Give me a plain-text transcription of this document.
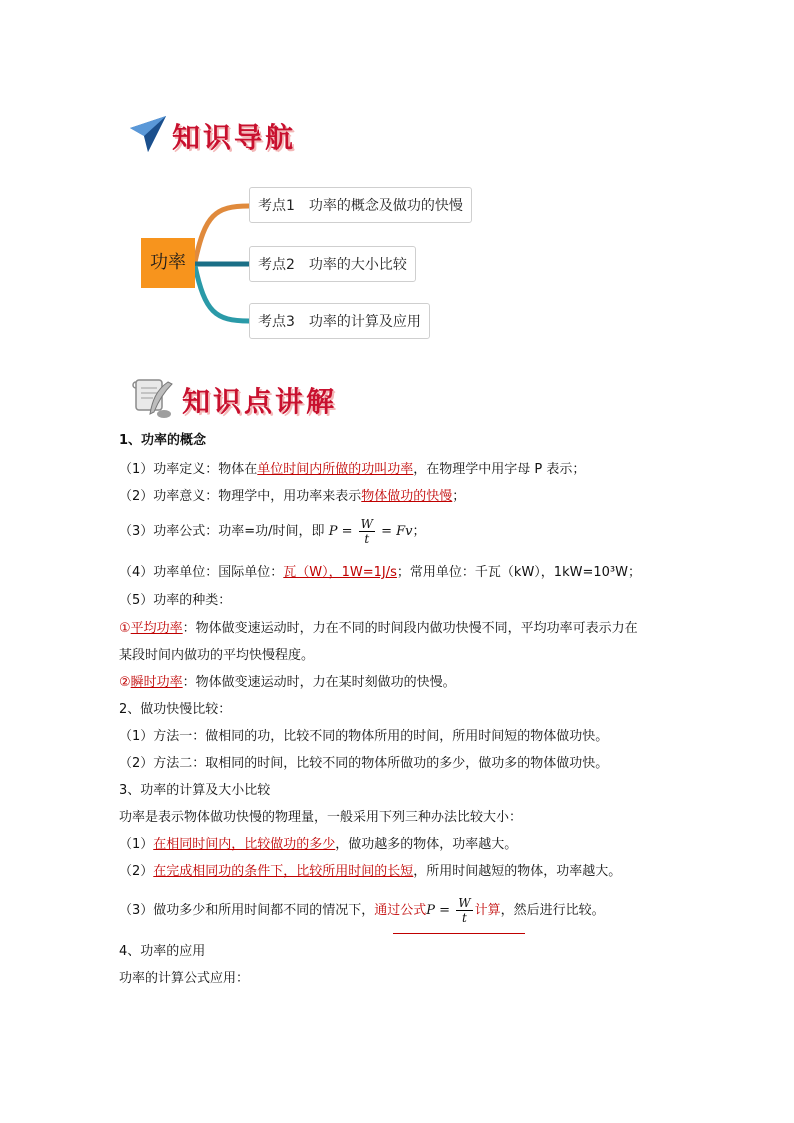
知识导航
功率
考点1 功率的概念及做功的快慢
考点2 功率的大小比较
考点3 功率的计算及应用
知识点讲解
1、功率的概念
（1）功率定义：物体在单位时间内所做的功叫功率，在物理学中用字母 P 表示；
（2）功率意义：物理学中，用功率来表示物体做功的快慢；
（3）功率公式：功率=功/时间，即 $P = \frac{W}{t} = Fv$；
（4）功率单位：国际单位：瓦（W），1W=1J/s；常用单位：千瓦（kW），1kW=10³W；
（5）功率的种类：
①平均功率：物体做变速运动时，力在不同的时间段内做功快慢不同，平均功率可表示力在
某段时间内做功的平均快慢程度。
②瞬时功率：物体做变速运动时，力在某时刻做功的快慢。
2、做功快慢比较：
（1）方法一：做相同的功，比较不同的物体所用的时间，所用时间短的物体做功快。
（2）方法二：取相同的时间，比较不同的物体所做功的多少，做功多的物体做功快。
3、功率的计算及大小比较
功率是表示物体做功快慢的物理量，一般采用下列三种办法比较大小：
（1）在相同时间内，比较做功的多少，做功越多的物体，功率越大。
（2）在完成相同功的条件下，比较所用时间的长短，所用时间越短的物体，功率越大。
（3）做功多少和所用时间都不同的情况下，通过公式$P = \frac{W}{t}$ 计算，然后进行比较。
4、功率的应用
功率的计算公式应用：
